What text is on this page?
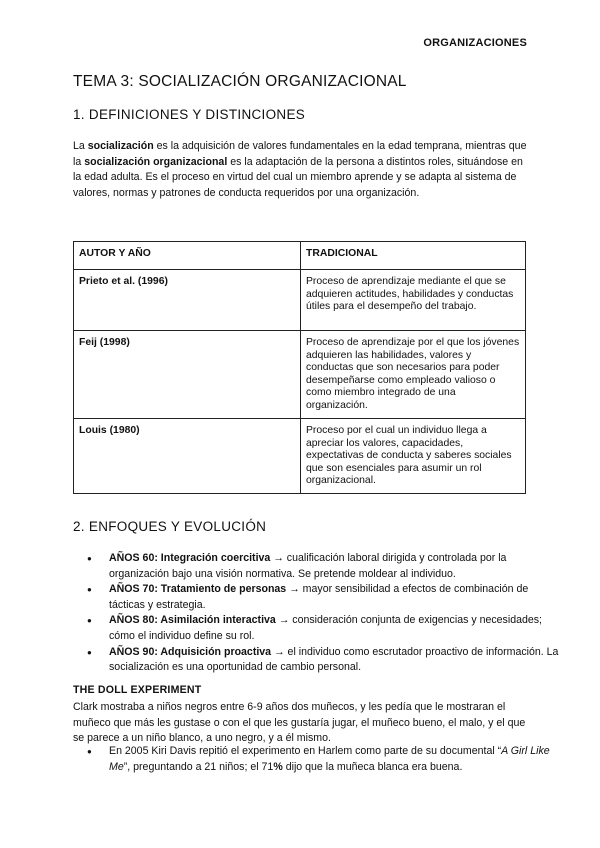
ORGANIZACIONES
TEMA 3: SOCIALIZACIÓN ORGANIZACIONAL
1. DEFINICIONES Y DISTINCIONES

La socialización es la adquisición de valores fundamentales en la edad temprana, mientras que la socialización organizacional es la adaptación de la persona a distintos roles, situándose en la edad adulta. Es el proceso en virtud del cual un miembro aprende y se adapta al sistema de valores, normas y patrones de conducta requeridos por una organización.

AUTOR Y AÑO	TRADICIONAL
Prieto et al. (1996)	Proceso de aprendizaje mediante el que se adquieren actitudes, habilidades y conductas útiles para el desempeño del trabajo.
Feij (1998)	Proceso de aprendizaje por el que los jóvenes adquieren las habilidades, valores y conductas que son necesarios para poder desempeñarse como empleado valioso o como miembro integrado de una organización.
Louis (1980)	Proceso por el cual un individuo llega a apreciar los valores, capacidades, expectativas de conducta y saberes sociales que son esenciales para asumir un rol organizacional.
2. ENFOQUES Y EVOLUCIÓN
● AÑOS 60: Integración coercitiva → cualificación laboral dirigida y controlada por la organización bajo una visión normativa. Se pretende moldear al individuo.
● AÑOS 70: Tratamiento de personas → mayor sensibilidad a efectos de combinación de tácticas y estrategia.
● AÑOS 80: Asimilación interactiva → consideración conjunta de exigencias y necesidades; cómo el individuo define su rol.
● AÑOS 90: Adquisición proactiva → el individuo como escrutador proactivo de información. La socialización es una oportunidad de cambio personal.
THE DOLL EXPERIMENT

Clark mostraba a niños negros entre 6-9 años dos muñecos, y les pedía que le mostraran el muñeco que más les gustase o con el que les gustaría jugar, el muñeco bueno, el malo, y el que se parece a un niño blanco, a uno negro, y a él mismo.

● En 2005 Kiri Davis repitió el experimento en Harlem como parte de su documental “A Girl Like Me”, preguntando a 21 niños; el 71% dijo que la muñeca blanca era buena.
